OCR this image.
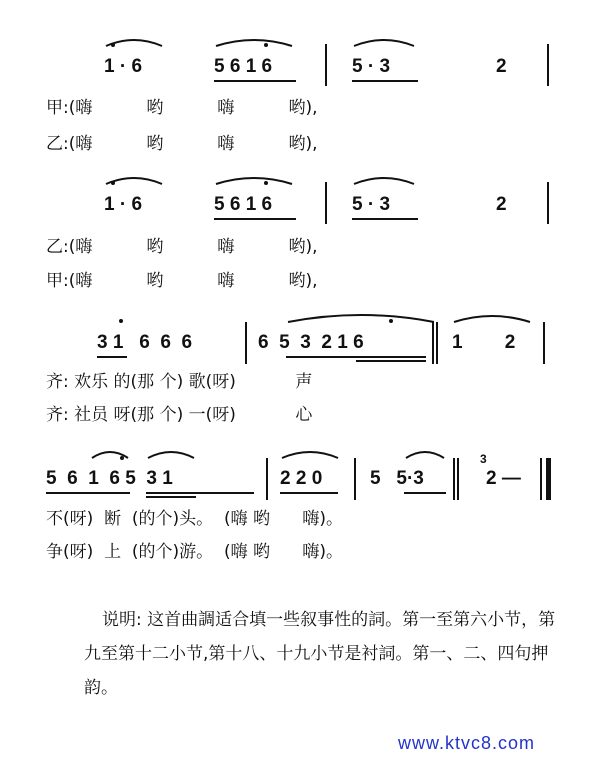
1 · 6	5 6 1 6	5 · 3	2
甲:(嗨          哟          嗨          哟),
乙:(嗨          哟          嗨          哟),
1 · 6	5 6 1 6	5 · 3	2
乙:(嗨          哟          嗨          哟),
甲:(嗨          哟          嗨          哟),
3 1   6  6  6	6  5  3  2 1 6	1        2
齐: 欢乐 的(那 个) 歌(呀)           声
齐: 社员 呀(那 个) 一(呀)           心
5  6  1  6 5  3 1	2 2 0	5   5·3
3
2 —
不(呀)  断  (的个)头。  (嗨 哟      嗨)。
争(呀)  上  (的个)游。  (嗨 哟      嗨)。
说明: 这首曲調适合填一些叙事性的詞。第一至第六小节，第九至第十二小节,第十八、十九小节是衬詞。第一、二、四句押韵。
www.ktvc8.com
